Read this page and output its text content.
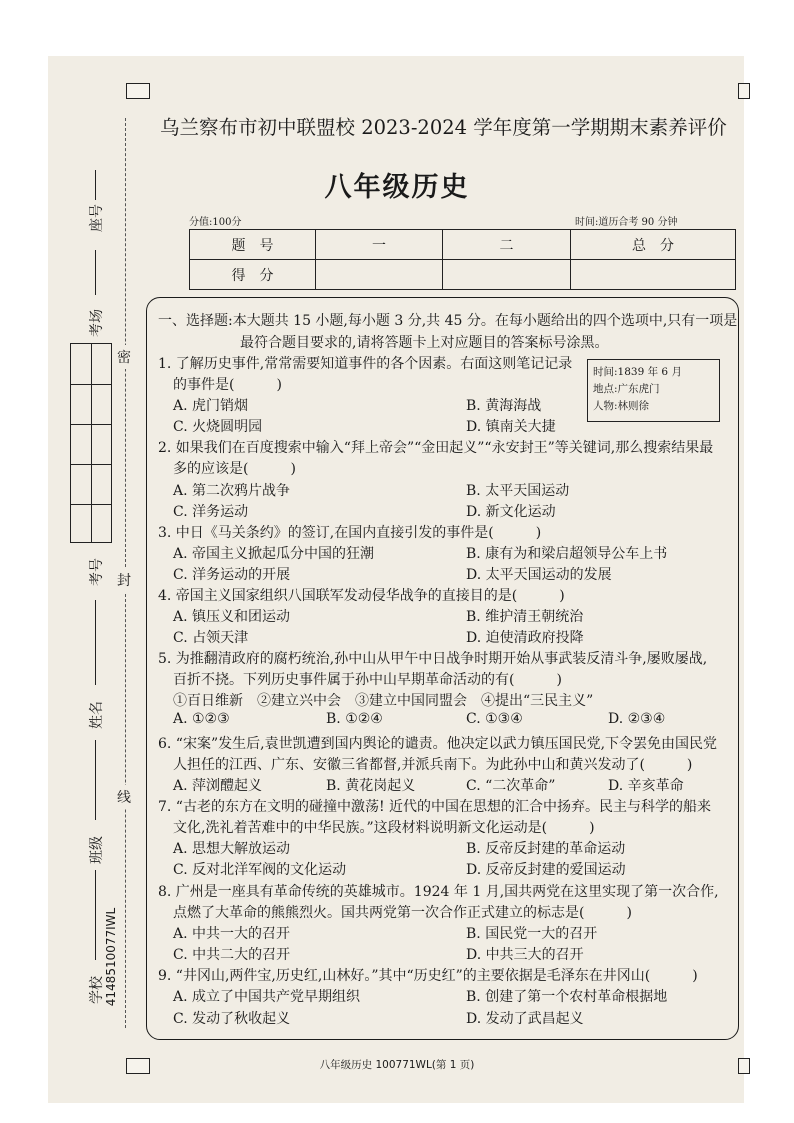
座号
考场
考号
姓名
班级
学校 4148510077IWL
密
封
线
乌兰察布市初中联盟校 2023-2024 学年度第一学期期末素养评价
八年级历史
分值:100分	时间:道历合考 90 分钟
题　号	一	二	总　分
得　分			
一、选择题:本大题共 15 小题,每小题 3 分,共 45 分。在每小题给出的四个选项中,只有一项是
最符合题目要求的,请将答题卡上对应题目的答案标号涂黑。
时间:1839 年 6 月
地点:广东虎门
人物:林则徐
1. 了解历史事件,常常需要知道事件的各个因素。右面这则笔记记录
的事件是(　　　)
A. 虎门销烟	B. 黄海海战
C. 火烧圆明园	D. 镇南关大捷
2. 如果我们在百度搜索中输入“拜上帝会”“金田起义”“永安封王”等关键词,那么搜索结果最
多的应该是(　　　)
A. 第二次鸦片战争	B. 太平天国运动
C. 洋务运动	D. 新文化运动
3. 中日《马关条约》的签订,在国内直接引发的事件是(　　　)
A. 帝国主义掀起瓜分中国的狂潮	B. 康有为和梁启超领导公车上书
C. 洋务运动的开展	D. 太平天国运动的发展
4. 帝国主义国家组织八国联军发动侵华战争的直接目的是(　　　)
A. 镇压义和团运动	B. 维护清王朝统治
C. 占领天津	D. 迫使清政府投降
5. 为推翻清政府的腐朽统治,孙中山从甲午中日战争时期开始从事武装反清斗争,屡败屡战,
百折不挠。下列历史事件属于孙中山早期革命活动的有(　　　)
①百日维新　②建立兴中会　③建立中国同盟会　④提出“三民主义”
A. ①②③	B. ①②④	C. ①③④	D. ②③④
6. “宋案”发生后,袁世凯遭到国内舆论的谴责。他决定以武力镇压国民党,下令罢免由国民党
人担任的江西、广东、安徽三省都督,并派兵南下。为此孙中山和黄兴发动了(　　　)
A. 萍浏醴起义	B. 黄花岗起义	C. “二次革命”	D. 辛亥革命
7. “古老的东方在文明的碰撞中激荡! 近代的中国在思想的汇合中扬弃。民主与科学的船来
文化,洗礼着苦难中的中华民族。”这段材料说明新文化运动是(　　　)
A. 思想大解放运动	B. 反帝反封建的革命运动
C. 反对北洋军阀的文化运动	D. 反帝反封建的爱国运动
8. 广州是一座具有革命传统的英雄城市。1924 年 1 月,国共两党在这里实现了第一次合作,
点燃了大革命的熊熊烈火。国共两党第一次合作正式建立的标志是(　　　)
A. 中共一大的召开	B. 国民党一大的召开
C. 中共二大的召开	D. 中共三大的召开
9. “井冈山,两件宝,历史红,山林好。”其中“历史红”的主要依据是毛泽东在井冈山(　　　)
A. 成立了中国共产党早期组织	B. 创建了第一个农村革命根据地
C. 发动了秋收起义	D. 发动了武昌起义
八年级历史 100771WL(第 1 页)
